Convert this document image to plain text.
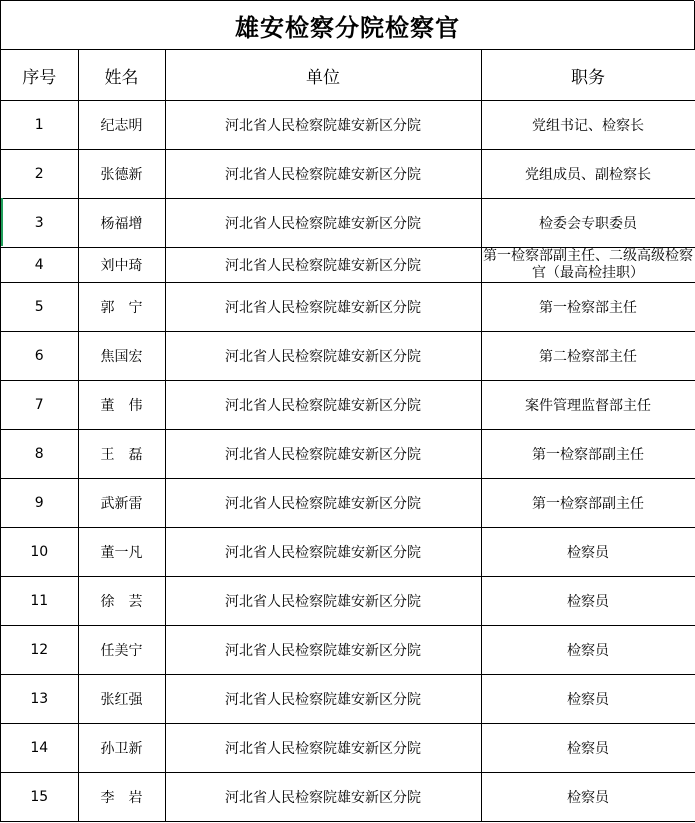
雄安检察分院检察官
序号	姓名	单位	职务
1	纪志明	河北省人民检察院雄安新区分院	党组书记、检察长
2	张德新	河北省人民检察院雄安新区分院	党组成员、副检察长
3	杨福增	河北省人民检察院雄安新区分院	检委会专职委员
4	刘中琦	河北省人民检察院雄安新区分院	第一检察部副主任、二级高级检察官（最高检挂职）
5	郭　宁	河北省人民检察院雄安新区分院	第一检察部主任
6	焦国宏	河北省人民检察院雄安新区分院	第二检察部主任
7	董　伟	河北省人民检察院雄安新区分院	案件管理监督部主任
8	王　磊	河北省人民检察院雄安新区分院	第一检察部副主任
9	武新雷	河北省人民检察院雄安新区分院	第一检察部副主任
10	董一凡	河北省人民检察院雄安新区分院	检察员
11	徐　芸	河北省人民检察院雄安新区分院	检察员
12	任美宁	河北省人民检察院雄安新区分院	检察员
13	张红强	河北省人民检察院雄安新区分院	检察员
14	孙卫新	河北省人民检察院雄安新区分院	检察员
15	李　岩	河北省人民检察院雄安新区分院	检察员
